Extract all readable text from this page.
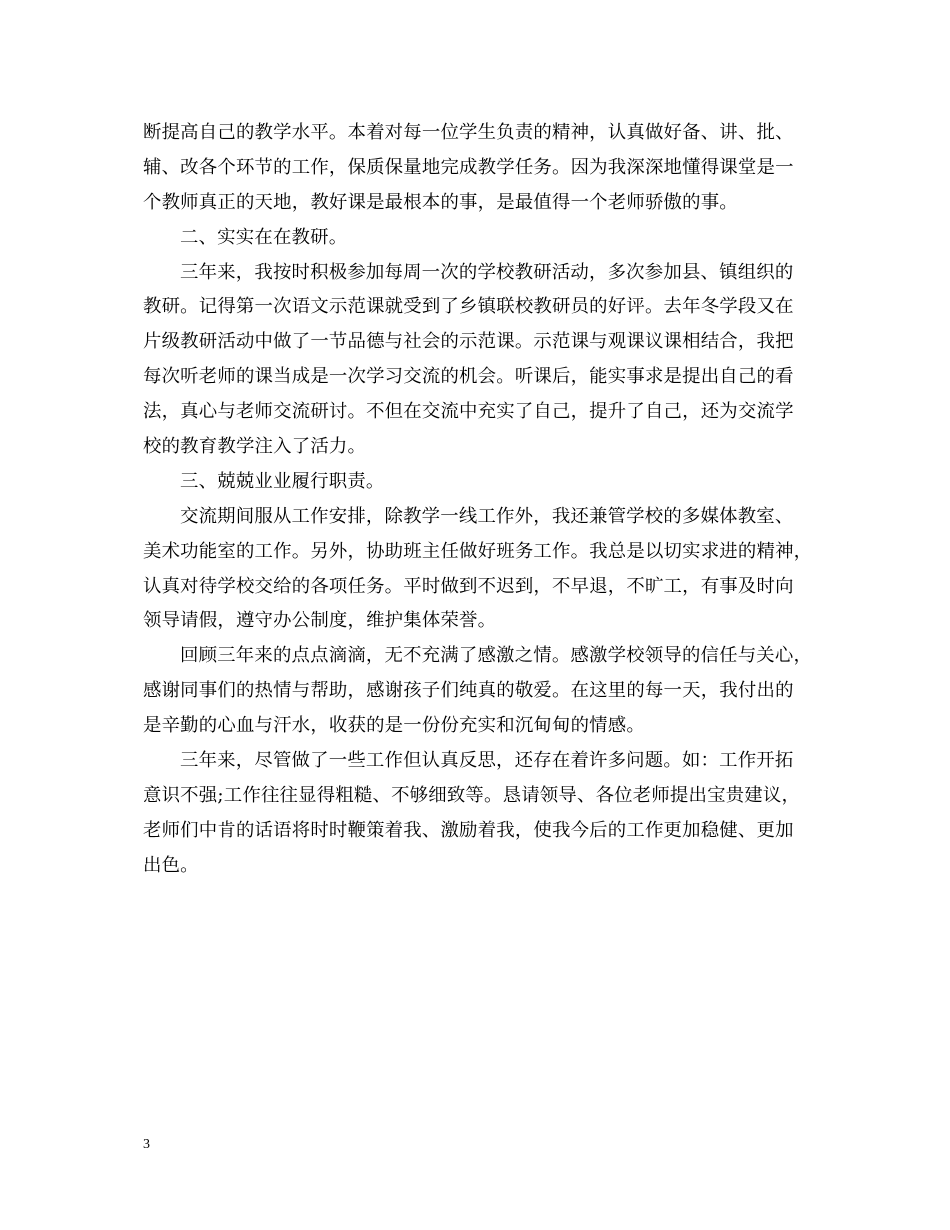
断提高自己的教学水平。本着对每一位学生负责的精神，认真做好备、讲、批、
辅、改各个环节的工作，保质保量地完成教学任务。因为我深深地懂得课堂是一
个教师真正的天地，教好课是最根本的事，是最值得一个老师骄傲的事。
二、实实在在教研。
三年来，我按时积极参加每周一次的学校教研活动，多次参加县、镇组织的
教研。记得第一次语文示范课就受到了乡镇联校教研员的好评。去年冬学段又在
片级教研活动中做了一节品德与社会的示范课。示范课与观课议课相结合，我把
每次听老师的课当成是一次学习交流的机会。听课后，能实事求是提出自己的看
法，真心与老师交流研讨。不但在交流中充实了自己，提升了自己，还为交流学
校的教育教学注入了活力。
三、兢兢业业履行职责。
交流期间服从工作安排，除教学一线工作外，我还兼管学校的多媒体教室、
美术功能室的工作。另外，协助班主任做好班务工作。我总是以切实求进的精神，
认真对待学校交给的各项任务。平时做到不迟到，不早退，不旷工，有事及时向
领导请假，遵守办公制度，维护集体荣誉。
回顾三年来的点点滴滴，无不充满了感激之情。感激学校领导的信任与关心，
感谢同事们的热情与帮助，感谢孩子们纯真的敬爱。在这里的每一天，我付出的
是辛勤的心血与汗水，收获的是一份份充实和沉甸甸的情感。
三年来，尽管做了一些工作但认真反思，还存在着许多问题。如：工作开拓
意识不强;工作往往显得粗糙、不够细致等。恳请领导、各位老师提出宝贵建议，
老师们中肯的话语将时时鞭策着我、激励着我，使我今后的工作更加稳健、更加
出色。
3
